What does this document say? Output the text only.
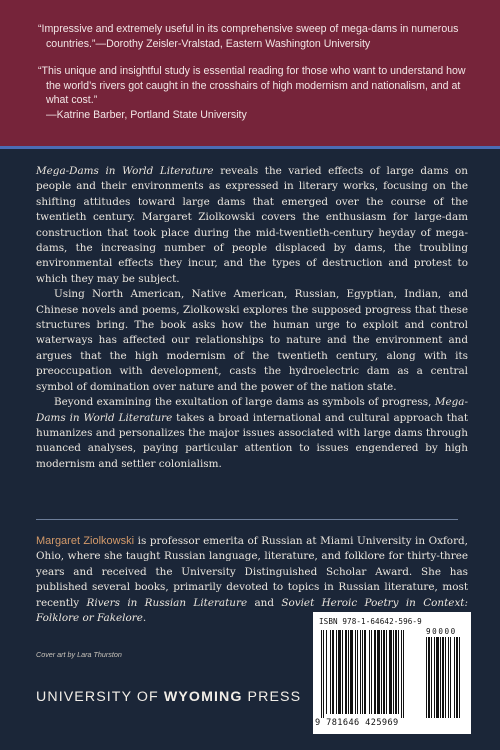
“Impressive and extremely useful in its comprehensive sweep of mega-dams in numerous countries.”—Dorothy Zeisler-Vralstad, Eastern Washington University

“This unique and insightful study is essential reading for those who want to understand how the world’s rivers got caught in the crosshairs of high modernism and nationalism, and at what cost.”
—Katrine Barber, Portland State University

Mega-Dams in World Literature reveals the varied effects of large dams on people and their environments as expressed in literary works, focusing on the shifting attitudes toward large dams that emerged over the course of the twentieth century. Margaret Ziolkowski covers the enthusiasm for large-dam construction that took place during the mid-twentieth-century heyday of mega-dams, the increasing number of people displaced by dams, the troubling environmental effects they incur, and the types of destruction and protest to which they may be subject.

Using North American, Native American, Russian, Egyptian, Indian, and Chinese novels and poems, Ziolkowski explores the supposed progress that these structures bring. The book asks how the human urge to exploit and control waterways has affected our relationships to nature and the environment and argues that the high modernism of the twentieth century, along with its preoccupation with development, casts the hydroelectric dam as a central symbol of domination over nature and the power of the nation state.

Beyond examining the exultation of large dams as symbols of progress, Mega-Dams in World Literature takes a broad international and cultural approach that humanizes and personalizes the major issues associated with large dams through nuanced analyses, paying particular attention to issues engendered by high modernism and settler colonialism.

Margaret Ziolkowski is professor emerita of Russian at Miami University in Oxford, Ohio, where she taught Russian language, literature, and folklore for thirty-three years and received the University Distinguished Scholar Award. She has published several books, primarily devoted to topics in Russian literature, most recently Rivers in Russian Literature and Soviet Heroic Poetry in Context: Folklore or Fakelore.
Cover art by Lara Thurston
UNIVERSITY OF WYOMING PRESS
ISBN 978-1-64642-596-9
90000
9 781646 425969
